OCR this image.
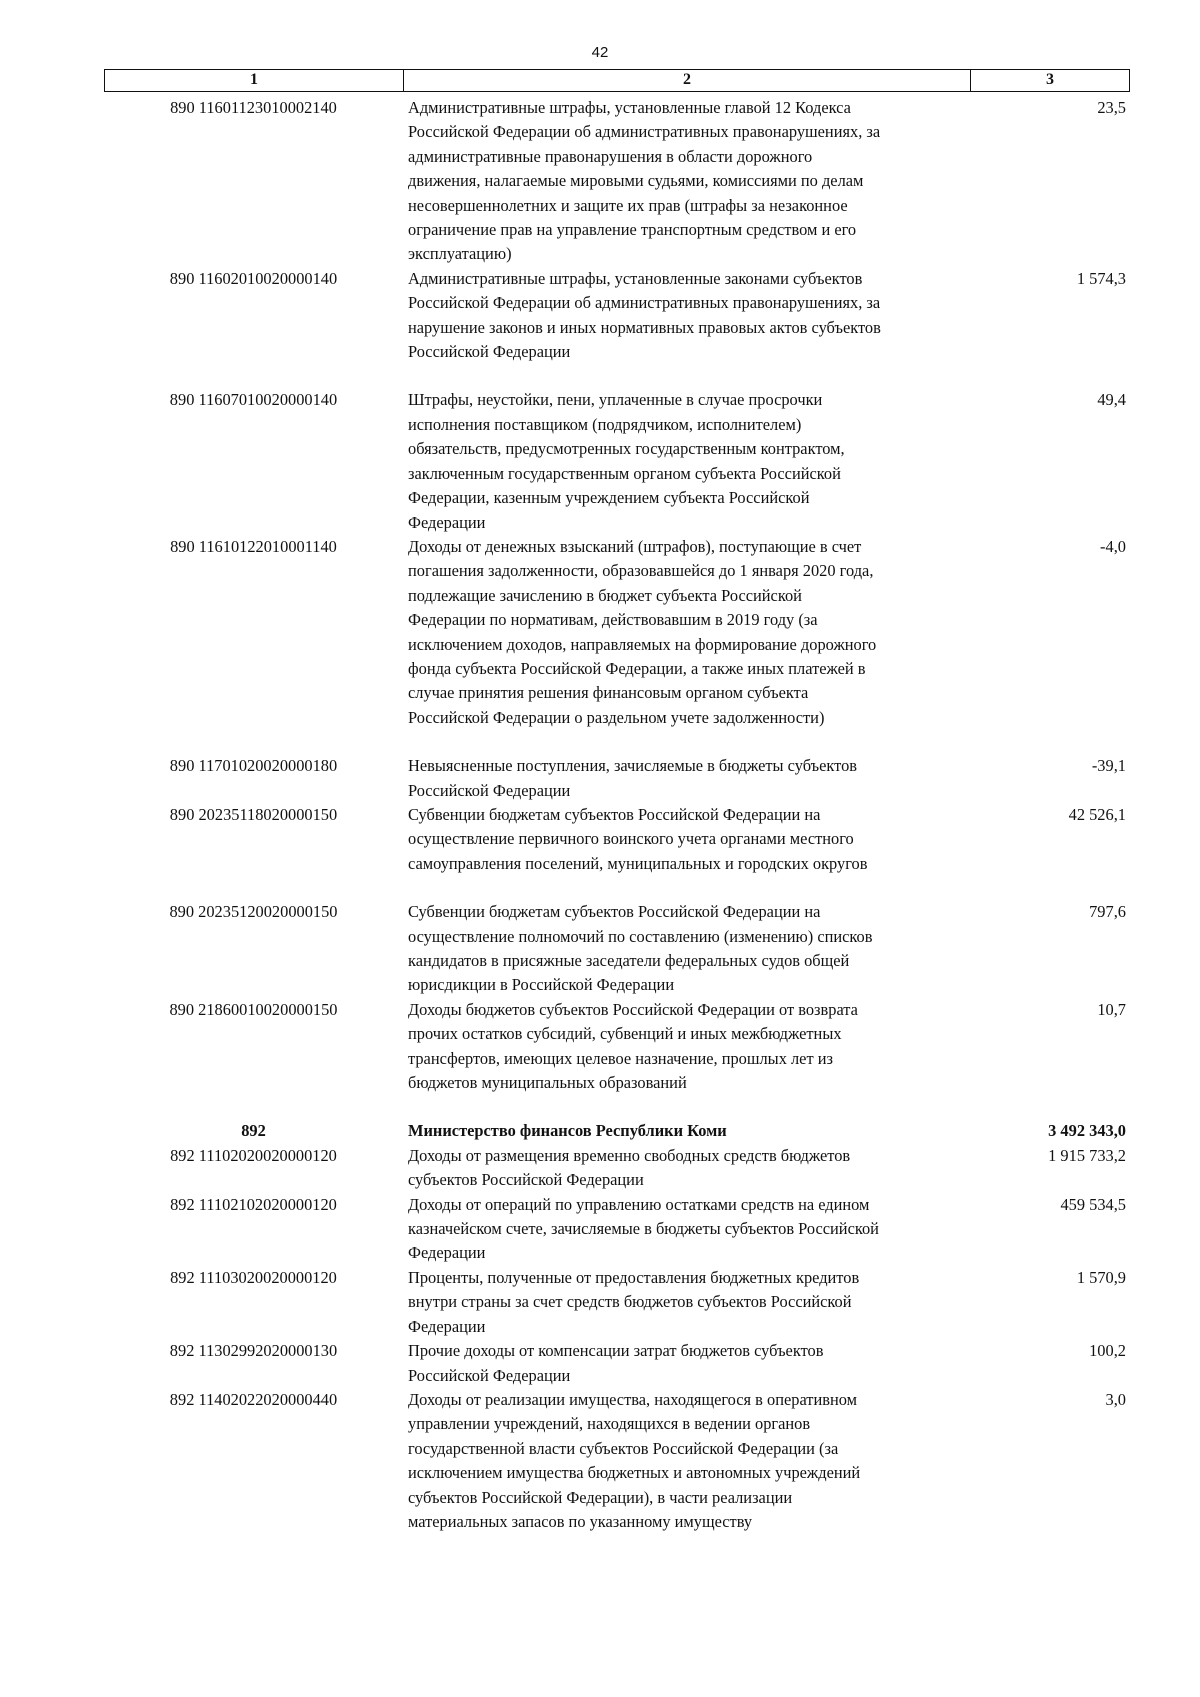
42
1	2	3
890 11601123010002140	Административные штрафы, установленные главой 12 Кодекса
Российской Федерации об административных правонарушениях, за
административные правонарушения в области дорожного
движения, налагаемые мировыми судьями, комиссиями по делам
несовершеннолетних и защите их прав (штрафы за незаконное
ограничение прав на управление транспортным средством и его
эксплуатацию)
23,5
890 11602010020000140	Административные штрафы, установленные законами субъектов
Российской Федерации об административных правонарушениях, за
нарушение законов и иных нормативных правовых актов субъектов
Российской Федерации
1 574,3
890 11607010020000140	Штрафы, неустойки, пени, уплаченные в случае просрочки
исполнения поставщиком (подрядчиком, исполнителем)
обязательств, предусмотренных государственным контрактом,
заключенным государственным органом субъекта Российской
Федерации, казенным учреждением субъекта Российской
Федерации
49,4
890 11610122010001140	Доходы от денежных взысканий (штрафов), поступающие в счет
погашения задолженности, образовавшейся до 1 января 2020 года,
подлежащие зачислению в бюджет субъекта Российской
Федерации по нормативам, действовавшим в 2019 году (за
исключением доходов, направляемых на формирование дорожного
фонда субъекта Российской Федерации, а также иных платежей в
случае принятия решения финансовым органом субъекта
Российской Федерации о раздельном учете задолженности)
-4,0
890 11701020020000180	Невыясненные поступления, зачисляемые в бюджеты субъектов
Российской Федерации
-39,1
890 20235118020000150	Субвенции бюджетам субъектов Российской Федерации на
осуществление первичного воинского учета органами местного
самоуправления поселений, муниципальных и городских округов
42 526,1
890 20235120020000150	Субвенции бюджетам субъектов Российской Федерации на
осуществление полномочий по составлению (изменению) списков
кандидатов в присяжные заседатели федеральных судов общей
юрисдикции в Российской Федерации
797,6
890 21860010020000150	Доходы бюджетов субъектов Российской Федерации от возврата
прочих остатков субсидий, субвенций и иных межбюджетных
трансфертов, имеющих целевое назначение, прошлых лет из
бюджетов муниципальных образований
10,7
892	Министерство финансов Республики Коми	3 492 343,0
892 11102020020000120	Доходы от размещения временно свободных средств бюджетов
субъектов Российской Федерации
1 915 733,2
892 11102102020000120	Доходы от операций по управлению остатками средств на едином
казначейском счете, зачисляемые в бюджеты субъектов Российской
Федерации
459 534,5
892 11103020020000120	Проценты, полученные от предоставления бюджетных кредитов
внутри страны за счет средств бюджетов субъектов Российской
Федерации
1 570,9
892 11302992020000130	Прочие доходы от компенсации затрат бюджетов субъектов
Российской Федерации
100,2
892 11402022020000440	Доходы от реализации имущества, находящегося в оперативном
управлении учреждений, находящихся в ведении органов
государственной власти субъектов Российской Федерации (за
исключением имущества бюджетных и автономных учреждений
субъектов Российской Федерации), в части реализации
материальных запасов по указанному имуществу
3,0
